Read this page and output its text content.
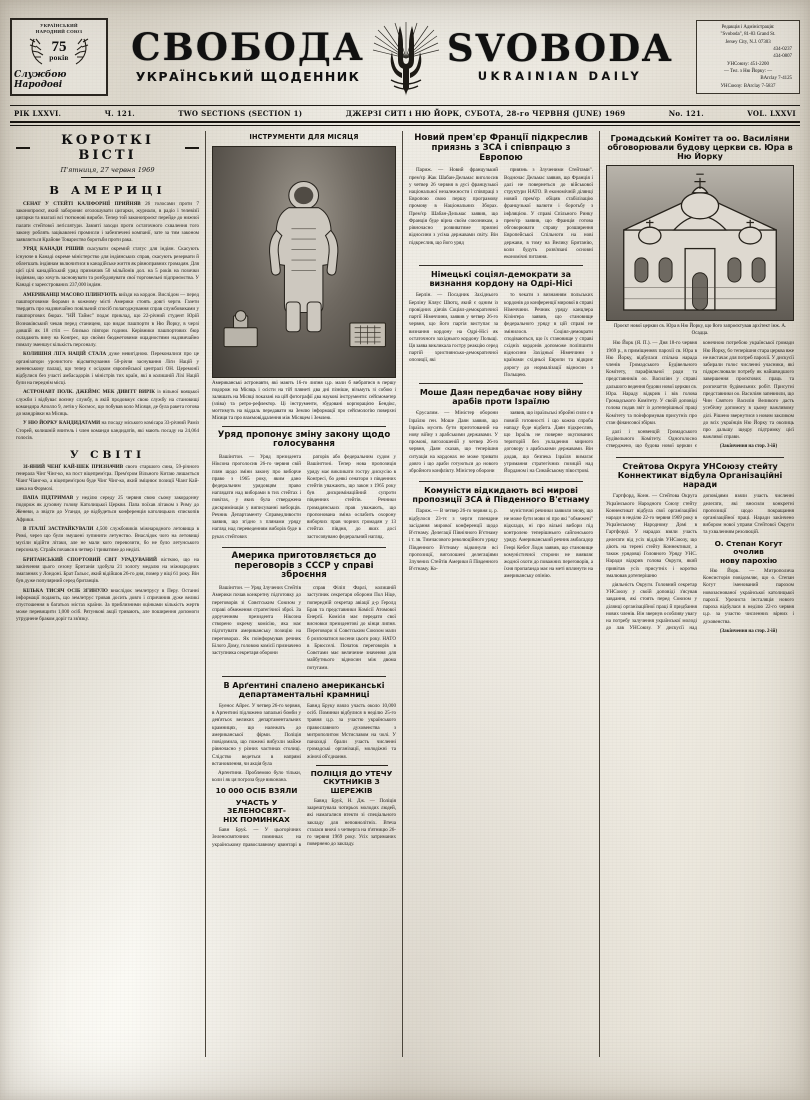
УКРАЇНСЬКИЙ
НАРОДНИЙ СОЮЗ
75
років
Службою Народові
СВОБОДА
УКРАЇНСЬКИЙ ЩОДЕННИК
SVOBODA
UKRAINIAN DAILY
Редакція і Адміністрація:
"Svoboda", 81-83 Grand St.
Jersey City, N.J. 07303
434-0237
434-0807
УНСоюзу: 451-2200
— Тел. з Ню Йорку: —
BArclay 7-4125
УНСоюзу: BArclay 7-5837
РІК LXXVI.	Ч. 121.	TWO SECTIONS (SECTION 1)	ДЖЕРЗІ СИТІ і НЮ ЙОРК, СУБОТА, 28-го ЧЕРВНЯ (JUNE) 1969	No. 121.	VOL. LXXVI
КОРОТКІ ВІСТІ
П'ятниця, 27 червня 1969
В АМЕРИЦІ

СЕНАТ У СТЕЙТІ КАЛІФОРНІЇ ПРИЙНЯВ 26 голосами проти 7 законопроєкт, який забороняє оголошувати цигарки, журнали, в радіо і телевізії цигарки та взагалі всі тютюнові вироби. Тепер той законопроєкт перейде до нижчої палати стейтової леґіслятури. Завзяті заходи проти остаточного схвалення того закону роблять зацікавлені промисли і забезпечені компанії, зате за тим законом заявляється Крайове Товариство боротьби проти рака.

УРЯД КАНАДИ РІШИВ скасувати окремий статус для індіян. Скасують існуюче в Канаді окреме міністерство для індіянських справ, скасують резервати й облегшать індіянам включитися в канадійське життя як рівноправних громадян. Для цієї цілі канадійський уряд призначив 50 мільйонів дол. на 5 років на позички індіянам, що хочуть засновувати та розбудовувати свої торговельні підприємства. У Канаді є зареєстрованих 237,000 індіян.

АМЕРИКАНЦІ МАСОВО ПЛИНУЮТЬ виїзди на кордон. Вислідом — перед пашпортовими бюрами в кожному місті Америки стоять довгі черги. Газети твердять про надзвичайно повільний спосіб полагоджування справ службовиками у пашпортових бюрах. "НЙ Таймс" подає приклад, що 22-річний студент Юрій Вознаківський чекав перед станицею, що видає пашпорти в Ню Йорку, в черзі довшій як 18 стіп — близько півтори години. Керівники пашпортових бюр складають вину на Конґрес, що своїми бюджетовими ощадностями надзвичайно помалу зменшує кількість персоналу.

КОЛИШНЯ ЛІГА НАЦІЙ СТАЛА дуже невигідною. Переконалися про це організатори урочистого відсвяткування 50-річчя заснування Ліґи Націй у женевському палаці, що тепер є осідком європейської централі ОН. Церемонії відбулися без участі амбасадорів і міністрів тих країн, які в колишній Лізі Націй були на переднім місці.

АСТРОНАВТ ПОЛК. ДЖЕЙМС МЕК ДИВІТТ ВИРІК із вільної вояцької служби і відбуває воєнну службу, в якій продовжує свою службу на становищі командира Аполло 9, летів у Космос, що побував коло Місяця, де була ракета готова до мандрівки на Місяць.

У НЮ ЙОРКУ КАНДИДАТАМИ на посаду міського комісара 33-річний Раміз Сторей, колишній вчитель і член команди кандидатів, які мають посаду на 24,064 голосів.

У СВІТІ

ЗІ-ЯНИЙ ЧЕНҐ КАЙ-ШЕК ПРИЗНАЧИВ свого старшого сина, 59-річного ґенерала Чінґ Чінґ-ко, на пост віцепрем'єра. Прем'єром Вільного Китаю лишається Чіанґ Чіанґ-ко, а віцепрем'єром буде Чінґ Чінґ-ко, який зміцнює позиції Чіанґ Кай-шека на Формозі.

ПАПА ПІДТРИМАВ у неділю середу 25 червня свою сьому закордонну подорож як духовну голову Католицької Церкви. Папа поїхав літаком з Риму до Женеви, а звідти до Уґанди, де відбудеться конференція католицьких єпископів Африки.

В ІТАЛІЇ ЗАСТРАЙКУВАЛИ 4,500 службовиків міжнародного летовища в Римі, через що були змушені зупинити летунство. Внаслідок чого на летовищі мусіли відійти літаки, але не мали кого перевозити, бо не було летунського персоналу. Страйк почався в четвер і триватиме до неділі.

БРИТАНСЬКИЙ СПОРТОВИЙ СВІТ УРАДУВАНИЙ вісткою, що на закінчення цього сезону Британія здобула 21 золоту медалю на міжнародних змаганнях у Лондоні. Брат Ґальос, який відійшов 26-го дня, помер у віці 61 року. Він був дуже популярний серед британців.

КІЛЬКА ТИСЯЧ ОСІБ ЗГИНУЛО внаслідок землетрусу в Перу. Останні інформації подають, що землетрус тривав досить довго і спричинив дуже великі спустошення в багатьох містах країни. За приблизними оцінками кількість жертв може перевищити 1,000 осіб. Рятункові акції тривають, але поширення допомоги утруднене браком доріг та зв'язку.

ІНСТРУМЕНТИ ДЛЯ МІСЯЦЯ
Американські астронавти, які мають 16-го липня ц.р. мали б вибратися в першу подорож на Місяць і осісти на тій плянеті два дні пізніше, візьмуть зі собою і залишать на Місяці показані на цій фотографії два наукові інструменти: сейсмометер (зліва) та ретро-рефлектор. Ці інструменти, збудовані корпорацією Бендікс, могтимуть на віддаль передавати на Землю інформації про сейсмологію поверхні Місяця та про взаємовіддалення між Місяцем і Землею.
Уряд пропонує зміну закону щодо голосування

Вашінґтон. — Уряд президента Ніксона проголосив 26-го червня свій плян щодо зміни закону про виборче право з 1965 року, яким дано федеральним урядовцям право наглядати над виборами в тих стейтах і повітах, у яких була стверджена дискримінація у виписуванні виборців. Речник Департаменту Справедливости заявив, що згідно з плянами уряду нагляд над переведенням виборів буде в руках стейтових

раторів або федеральним судом у Вашінґтоні. Тепер нова пропозиція уряду має викликати гостру дискусію в Конґресі, бо деякі сенатори з південних стейтів уважають, що закон з 1965 року був дискримінаційний супроти південних стейтів. Речники громадянських прав уважають, що пропонована зміна ослабить охорону виборчих прав чорних громадян у 13 стейтах півдня, до яких досі застосовувано федеральний нагляд.

Америка приготовляється до переговорів з СССР у справі зброєння

Вашінґтон. — Уряд Злучених Стейтів Америки почав конкретну підготовку до переговорів зі Совєтським Союзом у справі обмеження стратегічної зброї. За дорученням президента Ніксона створено окрему комісію, яка має підготувати американську позицію на переговорах. Як поінформував речник Білого Дому, головою комісії призначено заступника секретаря оборони

справ Філіп Фарлі, колишній заступник секретаря оборони Пол Ніце, попередній секретар авіації д-р Ґеролд Брав та представники Комісії Атомової Енерґії. Комісія має передати свої висновки президентові до кінця липня. Переговори зі Совєтським Союзом мали б розпочатися восени цього року. НАТО в Брюсселі. Початок переговорів в Совєтами має величезне значення для майбутнього відносин між двома потугами.

В Арґентині спалено американські департаментальні крамниці

Буенос Айрес. У четвер 26-го червня, в Арґентині підложено запальні бомби у дев'ятьох великих департаментальних крамницях, що належать до американської фірми. Поліція повідомила, що пожежі вибухли майже рівночасно у різних частинах столиці. Слідство ведеться в напрямі встановлення, чи акція була

Арґентини. Проблемою було тільки, коли і як ця погроза буде виконана.

10 000 ОСІБ ВЗЯЛИ
УЧАСТЬ У ЗЕЛЕНОСВЯТ-
НІХ ПОМИНКАХ

Бавн Бруќ. — У цьогорічних Зеленосвяточних поминках на українському православному цвинтарі в Бавнд Бруку взяло участь около 10,000 осіб. Поминки відбулися в неділю 25-го травня ц.р. за участю українського православного духовенства з митрополитом Мстиславом на чолі. У панахиді брали участь численні громадські організації, молодіжні та жіночі об'єднання.

ПОЛІЦІЯ ДО УТЕЧУ
СКУТНИКІВ З ШЕРЕЖІВ

Бавнд Бруќ, Н. Дж. — Поліція заарештувала чотирьох молодих людей, які намагалися втекти зі спеціального закладу для неповнолітніх. Втеча сталася вночі з четверга на п'ятницю 26-го червня 1969 року. Усіх затриманих повернено до закладу.

Новий прем'єр Франції підкреслив приязнь з ЗСА і співпрацю з Европою

Париж. — Новий французький прем'єр Жак Шабан-Дельмас виголосив у четвер 26 червня в дусі французької національної незалежности і співпраці з Европою свою першу програмову промову в Національних Зборах. Прем'єр Шабан-Дельмас заявив, що Франція буде вірна своїм союзникам, а рівночасно розвиватиме приязні відносини з усіма державами світу. Він підкреслив, що його уряд

приязнь з Злученими Стейтами". Водночас Дельмас заявив, що Франція і далі не повернеться до військової структури НАТО. В економічній ділянці новий прем'єр обіцяв стабілізацію французької валюти і боротьбу з інфляцією. У справі Спільного Ринку прем'єр заявив, що Франція готова обговорювати справу розширення Европейської Спільноти на нові держави, в тому на Велику Британію, коли будуть розв'язані основні економічні питання.

Німецькі соціял-демократи за визнання кордону на Одрі-Нісі

Берлін. — Посадник Західнього Берліну Кляус Шютц, який є одним із провідних діячів Соціял-демократичної партії Німеччини, заявив у четвер 26-го червня, що його партія виступає за визнання кордону на Одрі-Нісі як остаточного західнього кордону Польщі. Ця заява викликала гостру реакцію серед партій християнсько-демократичної опозиції, які

то чекати з визнанням польських кордонів до конференції мирової в справі Німеччини. Речник уряду канцлера Кізінґера заявив, що становище федерального уряду в цій справі не змінилося. Соціял-демократи сподіваються, що їх становище у справі східніх кордонів допоможе поліпшити відносини Західньої Німеччини з країнами східньої Европи та відкриє дорогу до нормалізації відносин з Польщею.

Моше Даян передбачає нову війну арабів проти Ізраїлю

Єрусалим. — Міністер оборони Ізраїлю ґен. Моше Даян заявив, що Ізраїль мусить бути приготований на нову війну з арабськими державами. У промові, виголошеній у четвер 26-го червня, Даян сказав, що теперішня ситуація на кордонах не може тривати довго і що араби готуються до нового збройного конфлікту. Міністер оборони

заявив, що ізраїльські збройні сили є в повній готовності і що кожна спроба нападу буде відбита. Даян підкреслив, що Ізраїль не поверне окупованих територій без укладення мирного договору з арабськими державами. Він додав, що безпека Ізраїля вимагає утримання стратегічних позицій над Йорданом і на Синайському півострові.

Комуністи відкидають всі мирові пропозиції ЗСА й Південного В'єтнаму

Париж. — В четвер 26-го червня ц. р. відбулося 23-тє з черги пленарне засідання мирової конференції щодо В'єтнаму. Делегації Північного В'єтнаму і т. зв. Тимчасового революційного уряду Південного В'єтнаму відкинули всі пропозиції, виголошені делегаціями Злучених Стейтів Америки й Південного В'єтнаму. Ко-

муністичні речники заявили знову, що не може бути мови ні про які "обмежені" відклади, ні про вільні вибори під контролею теперішнього сайґонського уряду. Американський речник амбасадор Генрі Кебот Лодж заявив, що становище комуністичної сторони не виявляє жодної охоти до поважних переговорів, а їхня пропаґанда має на меті вплинути на американську опінію.

Громадський Комітет та оо. Василіяни обговорювали будову церкви св. Юра в Ню Йорку
Проєкт нової церкви св. Юра в Ню Йорку, що його запроєктував архітект інж. А. Осадца.

Ню Йорк (Я. П.). — Дня 18-го червня 1969 р., в приміщеннях парохії св. Юра в Ню Йорку, відбулася спільна нарада членів Громадського Будівельного Комітету, парафіяльної ради та представників оо. Василіян у справі дальшого ведення будови нової церкви св. Юра. Нараду відкрив і вів голова Громадського Комітету. У своїй доповіді голова подав звіт із дотеперішньої праці Комітету та поінформував присутніх про стан фінансової збірки.

далі і конвенцій Громадського Будівельного Комітету. Одноголосно стверджено, що будова нової церкви є конечною потребою української громади Ню Йорку, бо теперішня стара церква вже не вистачає для потреб парохії. У дискусії забирали голос численні учасники, які підкреслювали потребу як найшвидшого завершення проєктових праць та розпочаття будівельних робіт. Присутні представники оо. Василіян запевнили, що Чин Святого Василія Великого дасть усебічну допомогу в цьому важливому ділі. Рішено звернутися з новим закликом до всіх українців Ню Йорку та околиць про дальшу щедру підтримку цієї важливої справи.

(Закінчення на стор. 3-ій)

Стейтова Округа УНСоюзу стейту Коннектикат відбула Організаційні наради

Гартфорд, Конн. — Стейтова Округа Українського Народного Союзу стейту Коннектикат відбула свої організаційні наради в неділю 22-го червня 1969 року в Українському Народному Домі в Гартфорді. У нарадах взяли участь делеґати від усіх відділів УНСоюзу, що діють на терені стейту Коннектикат, а також урядовці Головного Уряду УНС. Наради відкрив голова Округи, який привітав усіх присутніх і коротко змалював дотеперішню

діяльність Округи. Головний секретар УНСоюзу у своїй доповіді з'ясував завдання, які стоять перед Союзом у ділянці організаційної праці й придбання нових членів. Він звернув особливу увагу на потребу залучення української молоді до лав УНСоюзу. У дискусії над доповідями взяли участь численні делеґати, які вносили конкретні пропозиції щодо покращання організаційної праці. Наради закінчено вибором нової управи Стейтової Округи та ухваленням резолюцій.

О. Степан Когут очолив
нову парохію

Ню Йорк. — Митрополича Консисторія повідомляє, що о. Степан Когут іменований парохом новозаснованої української католицької парохії. Урочиста інсталяція нового пароха відбулася в неділю 22-го червня ц.р. за участю численних вірних і духовенства.

(Закінчення на стор. 2-ій)
